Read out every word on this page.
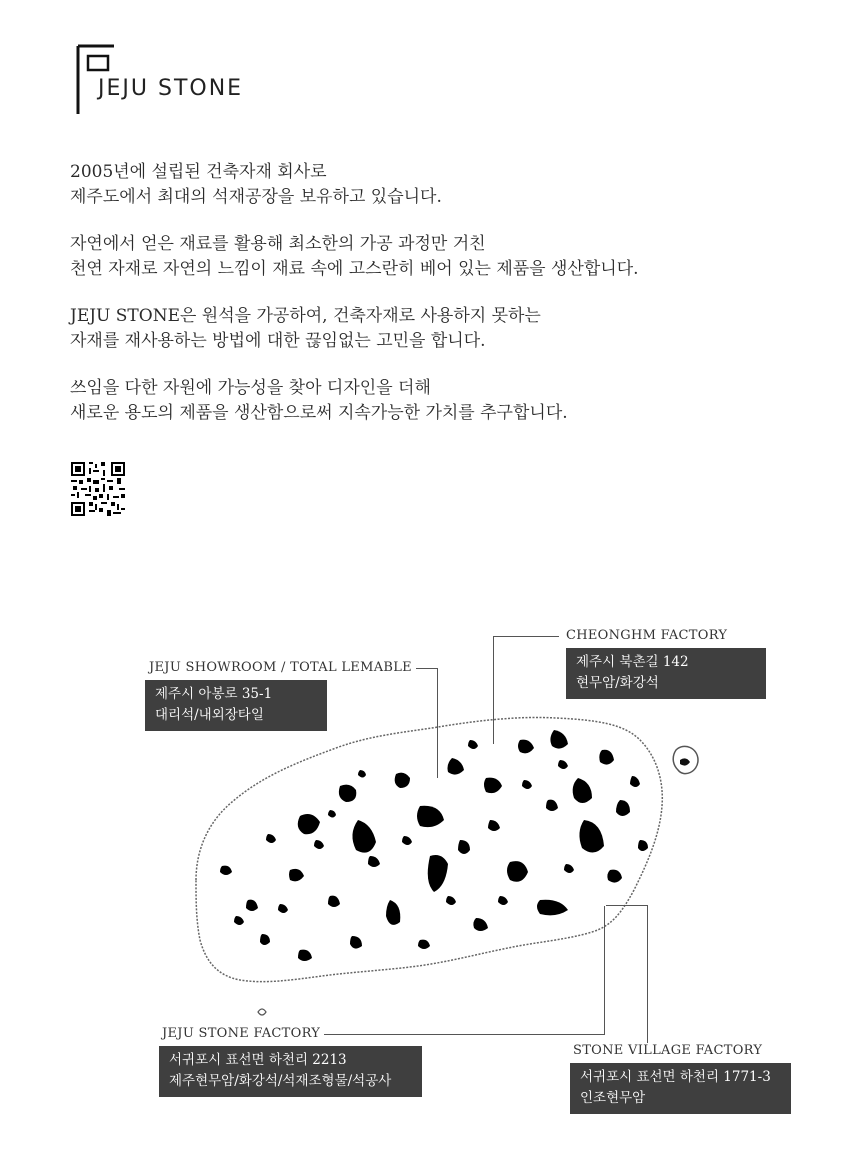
JEJU STONE

2005년에 설립된 건축자재 회사로
제주도에서 최대의 석재공장을 보유하고 있습니다.

자연에서 얻은 재료를 활용해 최소한의 가공 과정만 거친
천연 자재로 자연의 느낌이 재료 속에 고스란히 베어 있는 제품을 생산합니다.

JEJU STONE은 원석을 가공하여, 건축자재로 사용하지 못하는
자재를 재사용하는 방법에 대한 끊임없는 고민을 합니다.

쓰임을 다한 자원에 가능성을 찾아 디자인을 더해
새로운 용도의 제품을 생산함으로써 지속가능한 가치를 추구합니다.

JEJU SHOWROOM / TOTAL LEMABLE
제주시 아봉로 35-1
대리석/내외장타일
CHEONGHM FACTORY
제주시 북촌길 142
현무암/화강석
JEJU STONE FACTORY
서귀포시 표선면 하천리 2213
제주현무암/화강석/석재조형물/석공사
STONE VILLAGE FACTORY
서귀포시 표선면 하천리 1771-3
인조현무암
